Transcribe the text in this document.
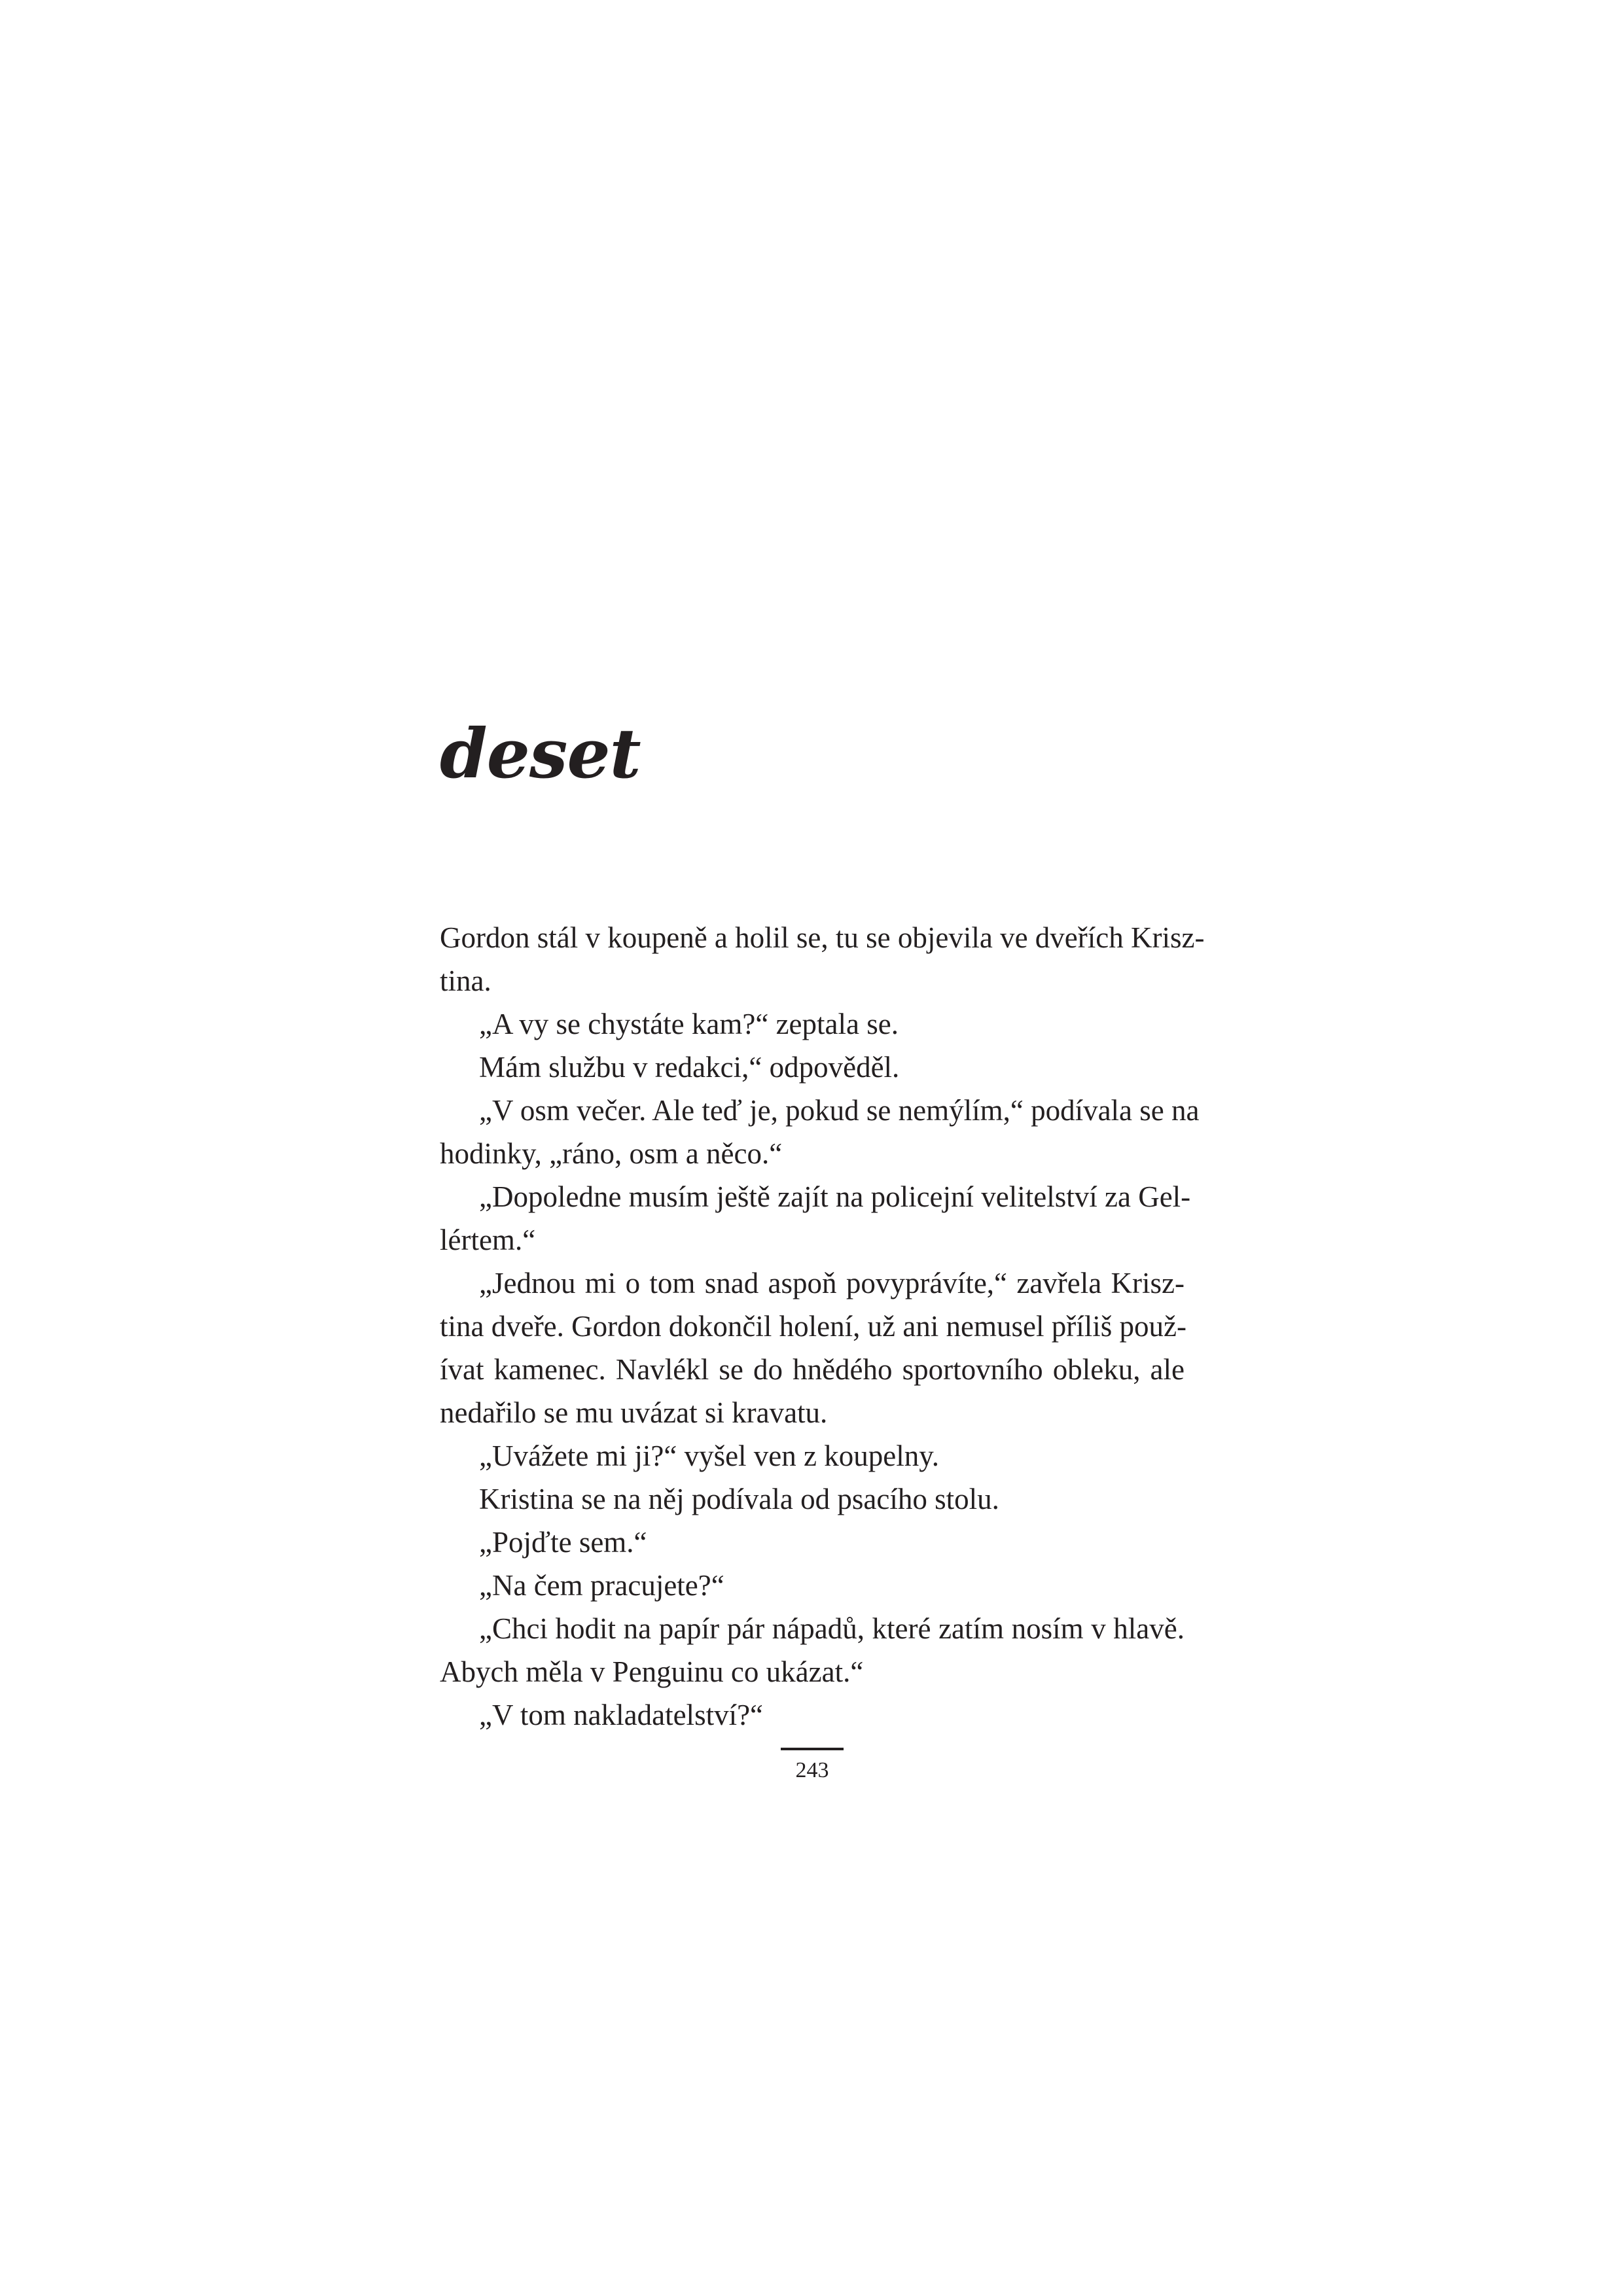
deset
Gordon stál v koupeně a holil se, tu se objevila ve dveřích Krisz-
tina.
„A vy se chystáte kam?“ zeptala se.
Mám službu v redakci,“ odpověděl.
„V osm večer. Ale teď je, pokud se nemýlím,“ podívala se na
hodinky, „ráno, osm a něco.“
„Dopoledne musím ještě zajít na policejní velitelství za Gel-
lértem.“
„Jednou mi o tom snad aspoň povyprávíte,“ zavřela Krisz-
tina dveře. Gordon dokončil holení, už ani nemusel příliš použ-
ívat kamenec. Navlékl se do hnědého sportovního obleku, ale
nedařilo se mu uvázat si kravatu.
„Uvážete mi ji?“ vyšel ven z koupelny.
Kristina se na něj podívala od psacího stolu.
„Pojďte sem.“
„Na čem pracujete?“
„Chci hodit na papír pár nápadů, které zatím nosím v hlavě.
Abych měla v Penguinu co ukázat.“
„V tom nakladatelství?“
243
